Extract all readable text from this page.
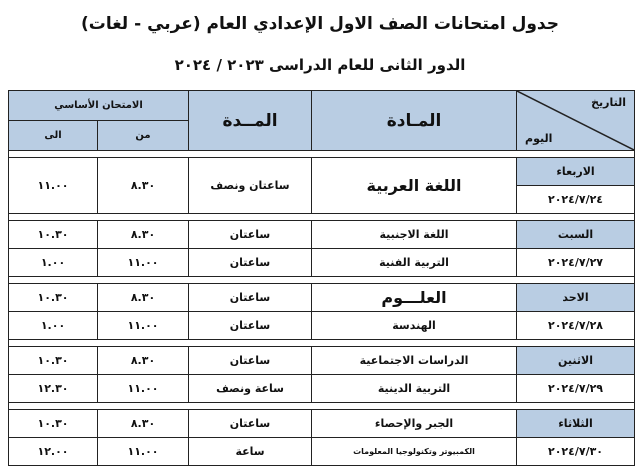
جدول امتحانات الصف الاول الإعدادي العام (عربي - لغات)
الدور الثانى للعام الدراسى ٢٠٢٣ / ٢٠٢٤
التاريخ
اليوم	المـادة	المــدة	الامتحان الأساسي	
			من	الى

الاربعاء	اللغة العربية	ساعتان ونصف	٨.٣٠	١١.٠٠
٢٠٢٤/٧/٢٤				

السبت	اللغة الاجنبية	ساعتان	٨.٣٠	١٠.٣٠
٢٠٢٤/٧/٢٧	التربية الفنية	ساعتان	١١.٠٠	١.٠٠

الاحد	العلـــوم	ساعتان	٨.٣٠	١٠.٣٠
٢٠٢٤/٧/٢٨	الهندسة	ساعتان	١١.٠٠	١.٠٠

الاثنين	الدراسات الاجتماعية	ساعتان	٨.٣٠	١٠.٣٠
٢٠٢٤/٧/٢٩	التربية الدينية	ساعة ونصف	١١.٠٠	١٢.٣٠

الثلاثاء	الجبر والإحصاء	ساعتان	٨.٣٠	١٠.٣٠
٢٠٢٤/٧/٣٠	الكمبيوتر وتكنولوجيا المعلومات	ساعة	١١.٠٠	١٢.٠٠
